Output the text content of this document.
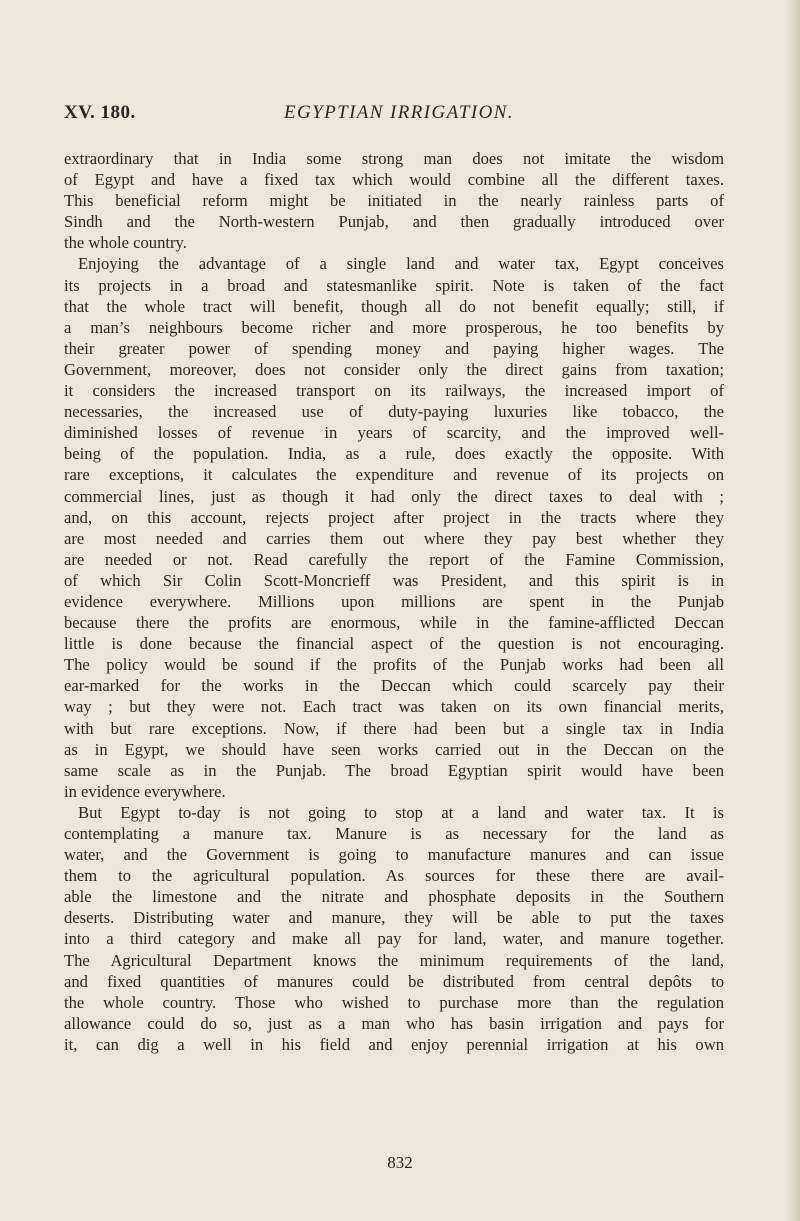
XV. 180.	EGYPTIAN IRRIGATION.
extraordinary that in India some strong man does not imitate the wisdom
of Egypt and have a fixed tax which would combine all the different taxes.
This beneficial reform might be initiated in the nearly rainless parts of
Sindh and the North-western Punjab, and then gradually introduced over
the whole country.
Enjoying the advantage of a single land and water tax, Egypt conceives
its projects in a broad and statesmanlike spirit. Note is taken of the fact
that the whole tract will benefit, though all do not benefit equally; still, if
a man’s neighbours become richer and more prosperous, he too benefits by
their greater power of spending money and paying higher wages. The
Government, moreover, does not consider only the direct gains from taxation;
it considers the increased transport on its railways, the increased import of
necessaries, the increased use of duty-paying luxuries like tobacco, the
diminished losses of revenue in years of scarcity, and the improved well-
being of the population. India, as a rule, does exactly the opposite. With
rare exceptions, it calculates the expenditure and revenue of its projects on
commercial lines, just as though it had only the direct taxes to deal with ;
and, on this account, rejects project after project in the tracts where they
are most needed and carries them out where they pay best whether they
are needed or not. Read carefully the report of the Famine Commission,
of which Sir Colin Scott-Moncrieff was President, and this spirit is in
evidence everywhere. Millions upon millions are spent in the Punjab
because there the profits are enormous, while in the famine-afflicted Deccan
little is done because the financial aspect of the question is not encouraging.
The policy would be sound if the profits of the Punjab works had been all
ear-marked for the works in the Deccan which could scarcely pay their
way ; but they were not. Each tract was taken on its own financial merits,
with but rare exceptions. Now, if there had been but a single tax in India
as in Egypt, we should have seen works carried out in the Deccan on the
same scale as in the Punjab. The broad Egyptian spirit would have been
in evidence everywhere.
But Egypt to-day is not going to stop at a land and water tax. It is
contemplating a manure tax. Manure is as necessary for the land as
water, and the Government is going to manufacture manures and can issue
them to the agricultural population. As sources for these there are avail-
able the limestone and the nitrate and phosphate deposits in the Southern
deserts. Distributing water and manure, they will be able to put the taxes
into a third category and make all pay for land, water, and manure together.
The Agricultural Department knows the minimum requirements of the land,
and fixed quantities of manures could be distributed from central depôts to
the whole country. Those who wished to purchase more than the regulation
allowance could do so, just as a man who has basin irrigation and pays for
it, can dig a well in his field and enjoy perennial irrigation at his own
832
